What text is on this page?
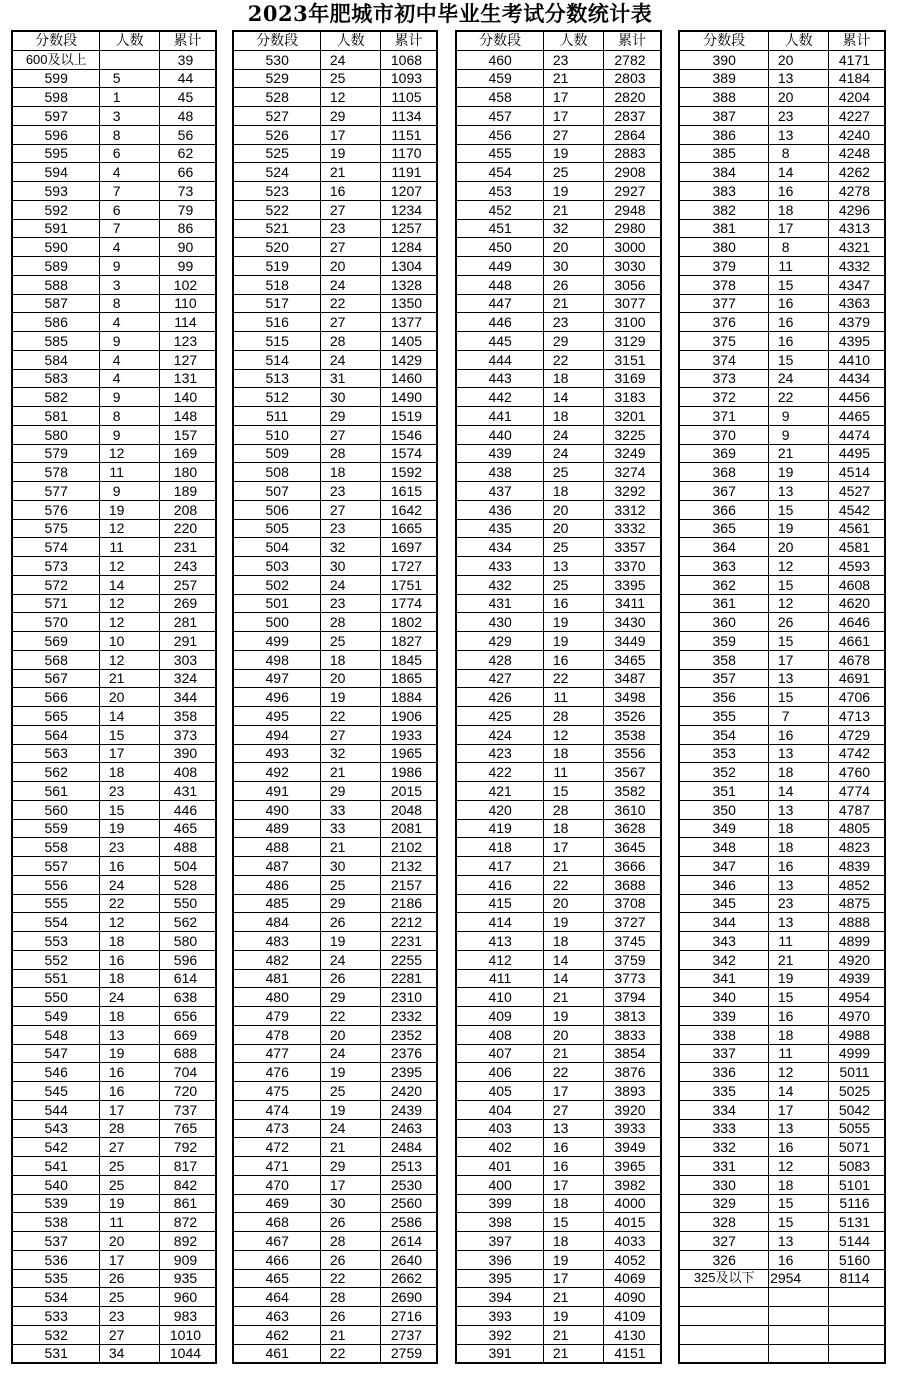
2023年肥城市初中毕业生考试分数统计表
分数段	人数	累计
600及以上		39
599	5	44
598	1	45
597	3	48
596	8	56
595	6	62
594	4	66
593	7	73
592	6	79
591	7	86
590	4	90
589	9	99
588	3	102
587	8	110
586	4	114
585	9	123
584	4	127
583	4	131
582	9	140
581	8	148
580	9	157
579	12	169
578	11	180
577	9	189
576	19	208
575	12	220
574	11	231
573	12	243
572	14	257
571	12	269
570	12	281
569	10	291
568	12	303
567	21	324
566	20	344
565	14	358
564	15	373
563	17	390
562	18	408
561	23	431
560	15	446
559	19	465
558	23	488
557	16	504
556	24	528
555	22	550
554	12	562
553	18	580
552	16	596
551	18	614
550	24	638
549	18	656
548	13	669
547	19	688
546	16	704
545	16	720
544	17	737
543	28	765
542	27	792
541	25	817
540	25	842
539	19	861
538	11	872
537	20	892
536	17	909
535	26	935
534	25	960
533	23	983
532	27	1010
531	34	1044
分数段	人数	累计
530	24	1068
529	25	1093
528	12	1105
527	29	1134
526	17	1151
525	19	1170
524	21	1191
523	16	1207
522	27	1234
521	23	1257
520	27	1284
519	20	1304
518	24	1328
517	22	1350
516	27	1377
515	28	1405
514	24	1429
513	31	1460
512	30	1490
511	29	1519
510	27	1546
509	28	1574
508	18	1592
507	23	1615
506	27	1642
505	23	1665
504	32	1697
503	30	1727
502	24	1751
501	23	1774
500	28	1802
499	25	1827
498	18	1845
497	20	1865
496	19	1884
495	22	1906
494	27	1933
493	32	1965
492	21	1986
491	29	2015
490	33	2048
489	33	2081
488	21	2102
487	30	2132
486	25	2157
485	29	2186
484	26	2212
483	19	2231
482	24	2255
481	26	2281
480	29	2310
479	22	2332
478	20	2352
477	24	2376
476	19	2395
475	25	2420
474	19	2439
473	24	2463
472	21	2484
471	29	2513
470	17	2530
469	30	2560
468	26	2586
467	28	2614
466	26	2640
465	22	2662
464	28	2690
463	26	2716
462	21	2737
461	22	2759
分数段	人数	累计
460	23	2782
459	21	2803
458	17	2820
457	17	2837
456	27	2864
455	19	2883
454	25	2908
453	19	2927
452	21	2948
451	32	2980
450	20	3000
449	30	3030
448	26	3056
447	21	3077
446	23	3100
445	29	3129
444	22	3151
443	18	3169
442	14	3183
441	18	3201
440	24	3225
439	24	3249
438	25	3274
437	18	3292
436	20	3312
435	20	3332
434	25	3357
433	13	3370
432	25	3395
431	16	3411
430	19	3430
429	19	3449
428	16	3465
427	22	3487
426	11	3498
425	28	3526
424	12	3538
423	18	3556
422	11	3567
421	15	3582
420	28	3610
419	18	3628
418	17	3645
417	21	3666
416	22	3688
415	20	3708
414	19	3727
413	18	3745
412	14	3759
411	14	3773
410	21	3794
409	19	3813
408	20	3833
407	21	3854
406	22	3876
405	17	3893
404	27	3920
403	13	3933
402	16	3949
401	16	3965
400	17	3982
399	18	4000
398	15	4015
397	18	4033
396	19	4052
395	17	4069
394	21	4090
393	19	4109
392	21	4130
391	21	4151
分数段	人数	累计
390	20	4171
389	13	4184
388	20	4204
387	23	4227
386	13	4240
385	8	4248
384	14	4262
383	16	4278
382	18	4296
381	17	4313
380	8	4321
379	11	4332
378	15	4347
377	16	4363
376	16	4379
375	16	4395
374	15	4410
373	24	4434
372	22	4456
371	9	4465
370	9	4474
369	21	4495
368	19	4514
367	13	4527
366	15	4542
365	19	4561
364	20	4581
363	12	4593
362	15	4608
361	12	4620
360	26	4646
359	15	4661
358	17	4678
357	13	4691
356	15	4706
355	7	4713
354	16	4729
353	13	4742
352	18	4760
351	14	4774
350	13	4787
349	18	4805
348	18	4823
347	16	4839
346	13	4852
345	23	4875
344	13	4888
343	11	4899
342	21	4920
341	19	4939
340	15	4954
339	16	4970
338	18	4988
337	11	4999
336	12	5011
335	14	5025
334	17	5042
333	13	5055
332	16	5071
331	12	5083
330	18	5101
329	15	5116
328	15	5131
327	13	5144
326	16	5160
325及以下	2954	8114
